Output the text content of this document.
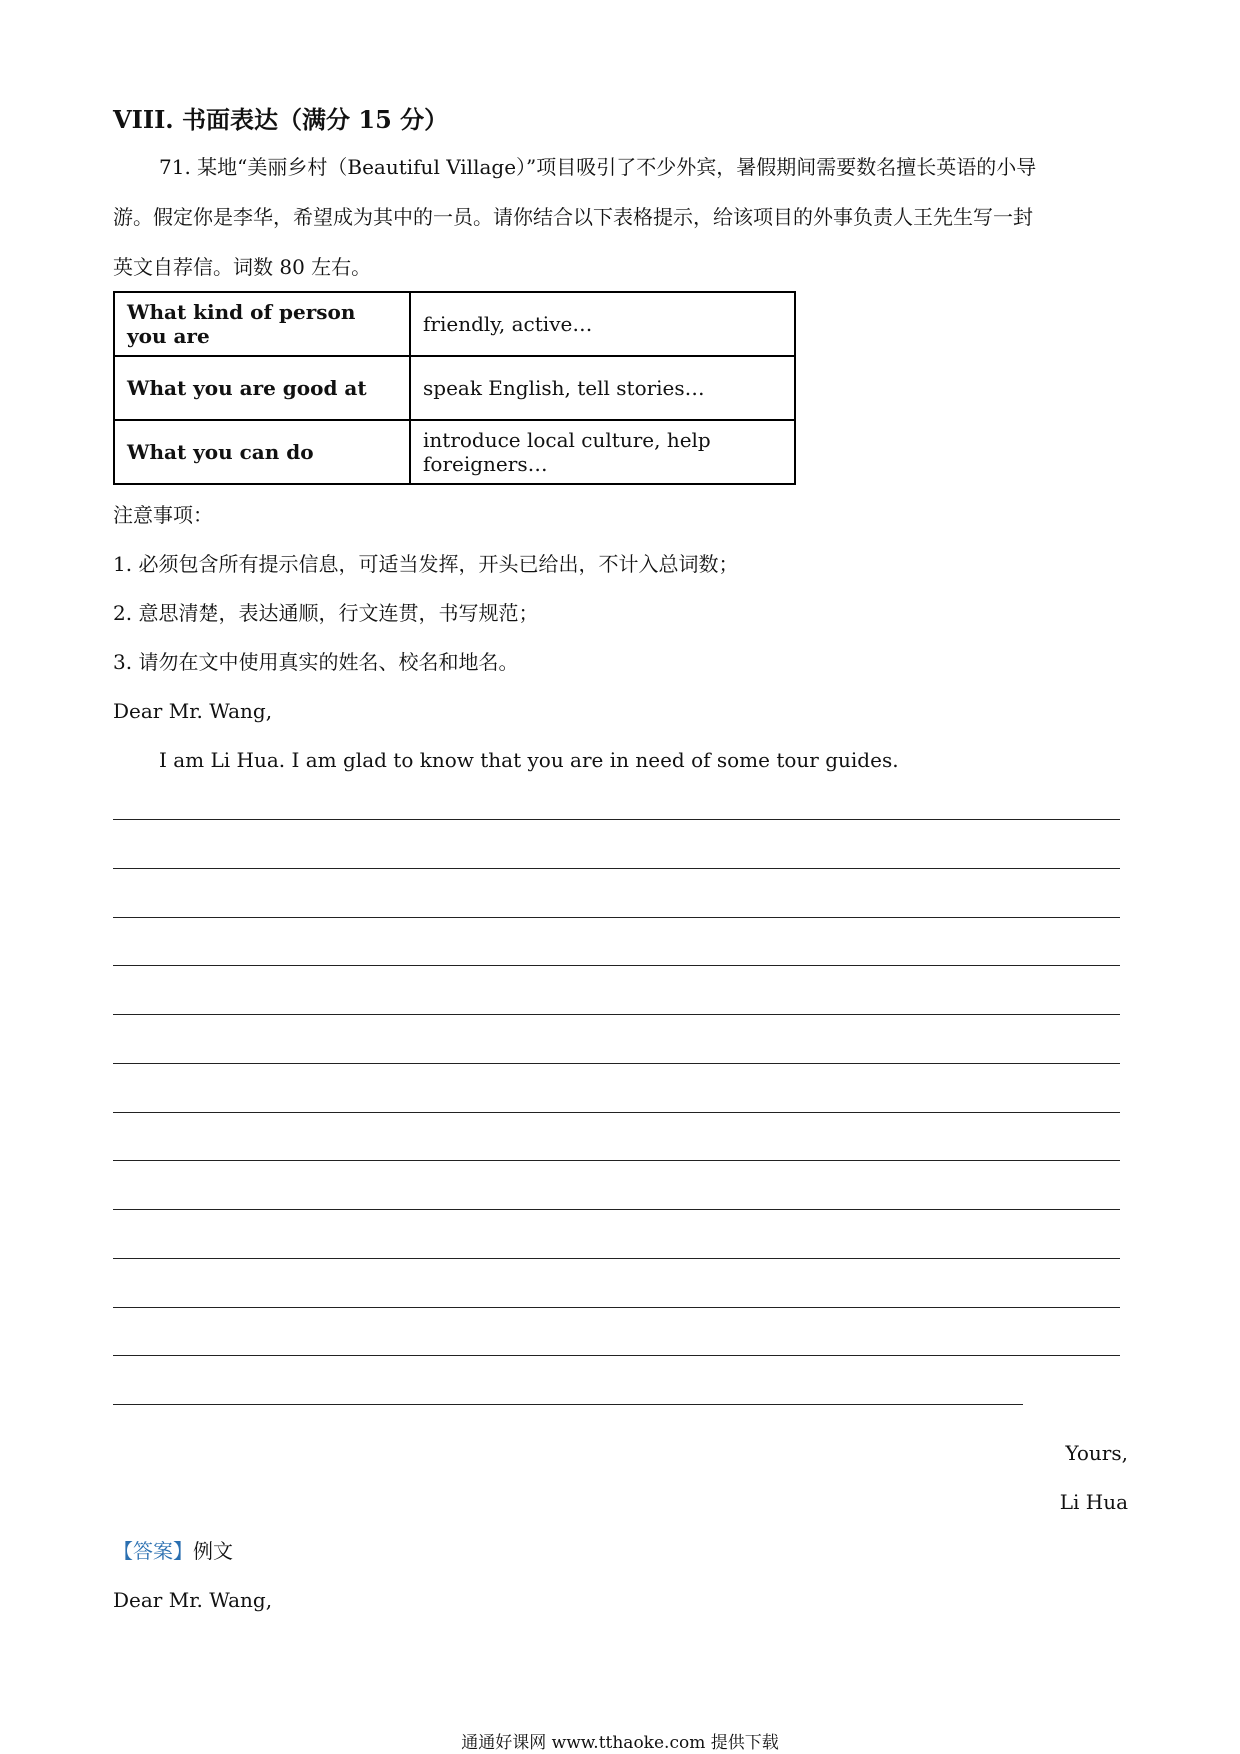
VIII. 书面表达（满分 15 分）

71. 某地“美丽乡村（Beautiful Village）”项目吸引了不少外宾，暑假期间需要数名擅长英语的小导

游。假定你是李华，希望成为其中的一员。请你结合以下表格提示，给该项目的外事负责人王先生写一封

英文自荐信。词数 80 左右。

What kind of person you are	friendly, active…
What you are good at	speak English, tell stories…
What you can do	introduce local culture, help foreigners…

注意事项：

1. 必须包含所有提示信息，可适当发挥，开头已给出，不计入总词数；

2. 意思清楚，表达通顺，行文连贯，书写规范；

3. 请勿在文中使用真实的姓名、校名和地名。

Dear Mr. Wang,

I am Li Hua. I am glad to know that you are in need of some tour guides.

Yours,
Li Hua

【答案】例文

Dear Mr. Wang,

通通好课网 www.tthaoke.com 提供下载
